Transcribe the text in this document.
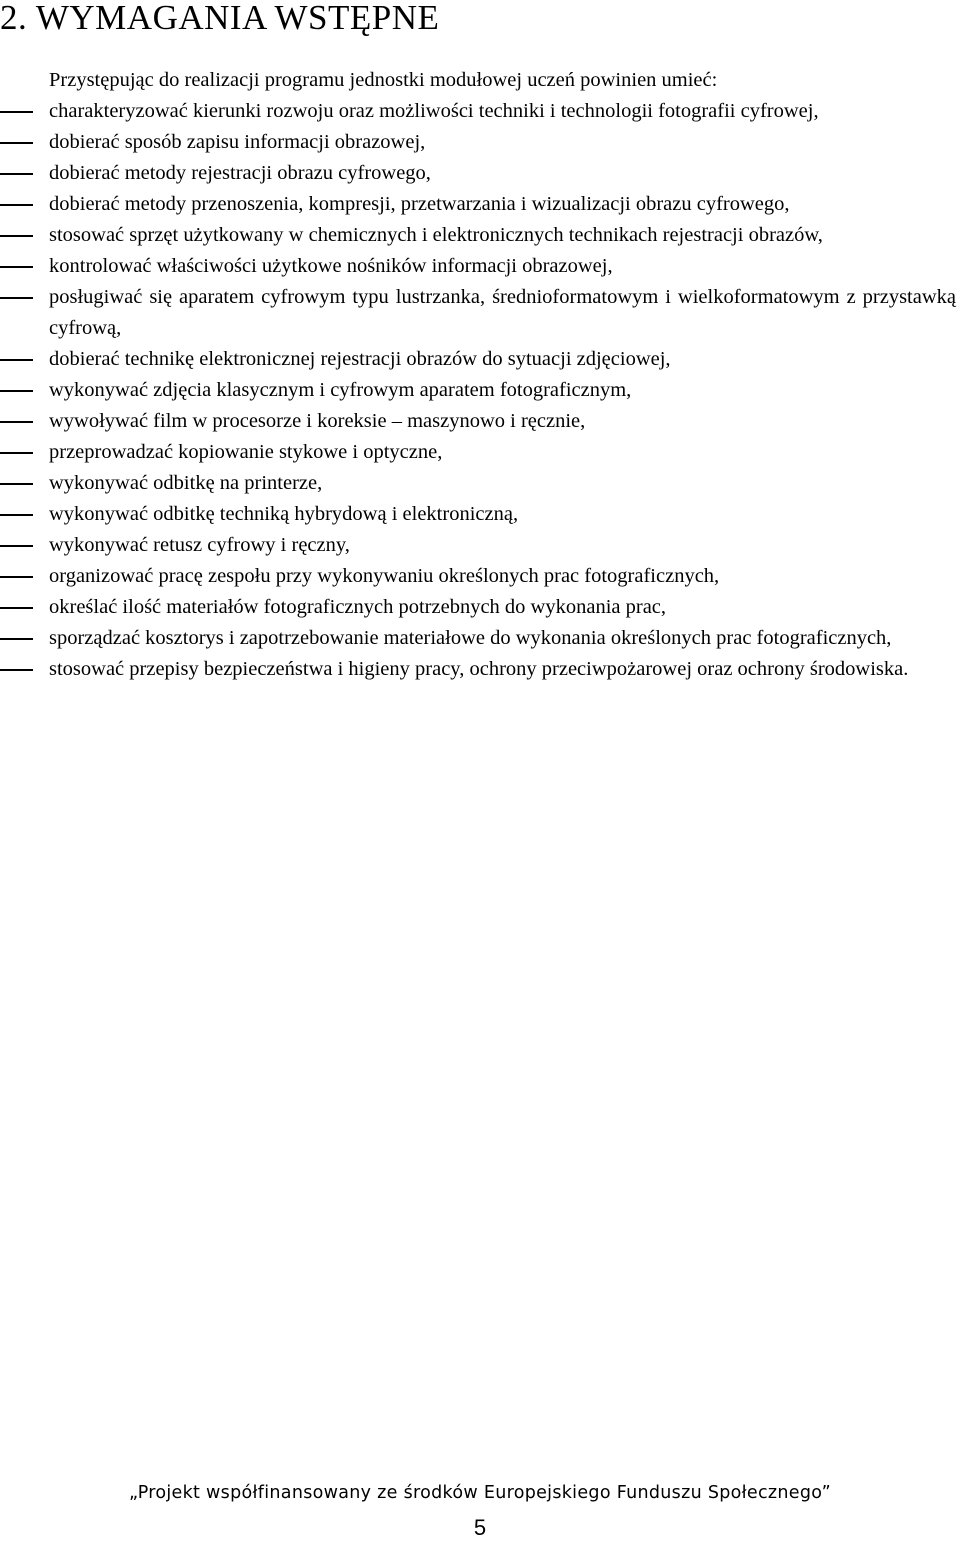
2. WYMAGANIA WSTĘPNE

Przystępując do realizacji programu jednostki modułowej uczeń powinien umieć:

charakteryzować kierunki rozwoju oraz możliwości techniki i technologii fotografii cyfrowej,
dobierać sposób zapisu informacji obrazowej,
dobierać metody rejestracji obrazu cyfrowego,
dobierać metody przenoszenia, kompresji, przetwarzania i wizualizacji obrazu cyfrowego,
stosować sprzęt użytkowany w chemicznych i elektronicznych technikach rejestracji obrazów,
kontrolować właściwości użytkowe nośników informacji obrazowej,
posługiwać się aparatem cyfrowym typu lustrzanka, średnioformatowym i wielkoformatowym z przystawką cyfrową,
dobierać technikę elektronicznej rejestracji obrazów do sytuacji zdjęciowej,
wykonywać zdjęcia klasycznym i cyfrowym aparatem fotograficznym,
wywoływać film w procesorze i koreksie – maszynowo i ręcznie,
przeprowadzać kopiowanie stykowe i optyczne,
wykonywać odbitkę na printerze,
wykonywać odbitkę techniką hybrydową i elektroniczną,
wykonywać retusz cyfrowy i ręczny,
organizować pracę zespołu przy wykonywaniu określonych prac fotograficznych,
określać ilość materiałów fotograficznych potrzebnych do wykonania prac,
sporządzać kosztorys i zapotrzebowanie materiałowe do wykonania określonych prac fotograficznych,
stosować przepisy bezpieczeństwa i higieny pracy, ochrony przeciwpożarowej oraz ochrony środowiska.
„Projekt współfinansowany ze środków Europejskiego Funduszu Społecznego”
5
